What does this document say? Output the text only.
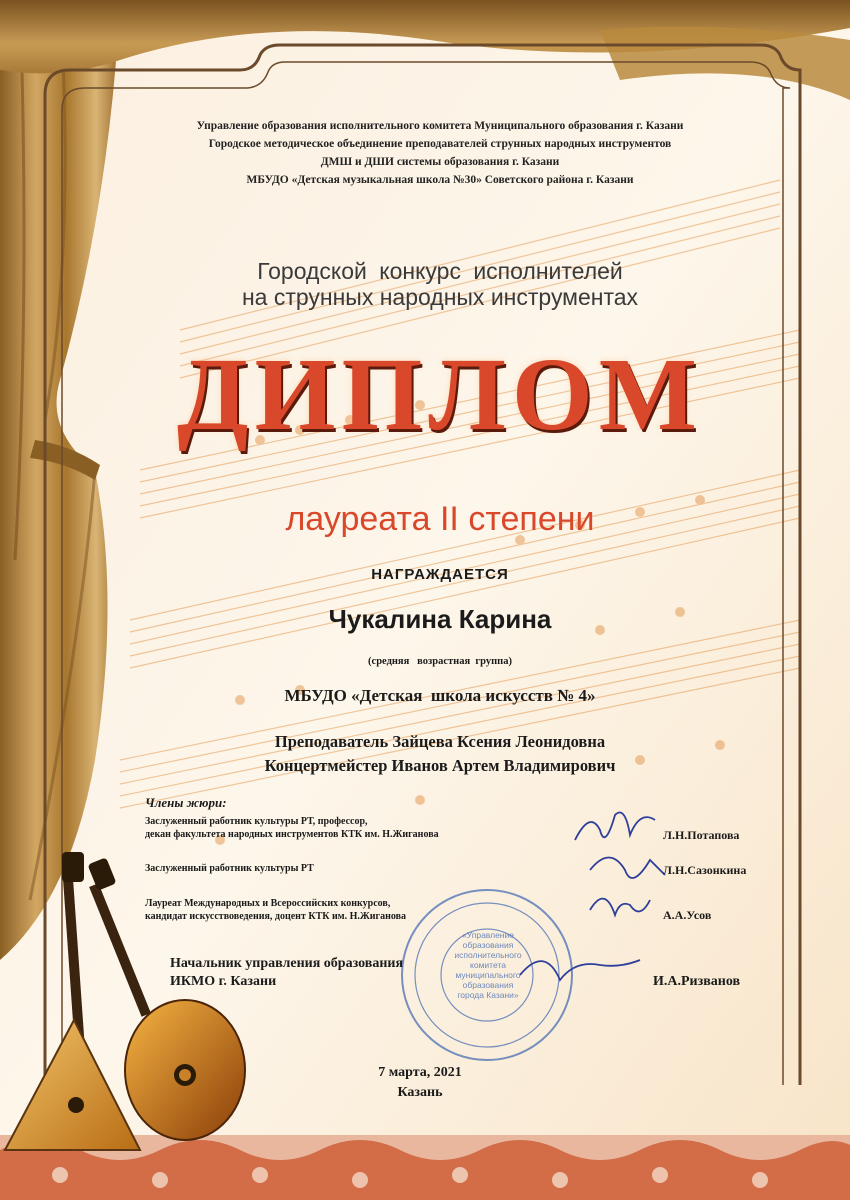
Управление образования исполнительного комитета Муниципального образования г. Казани
Городское методическое объединение преподавателей струнных народных инструментов
ДМШ и ДШИ системы образования г. Казани
МБУДО «Детская музыкальная школа №30» Советского района г. Казани
Городской конкурс исполнителей
на струнных народных инструментах
ДИПЛОМ
лауреата II степени
НАГРАЖДАЕТСЯ
Чукалина Карина
(средняя   возрастная  группа)
МБУДО «Детская  школа искусств № 4»
Преподаватель Зайцева Ксения Леонидовна
Концертмейстер Иванов Артем Владимирович
Члены жюри:
Заслуженный работник культуры РТ, профессор,
декан факультета народных инструментов КТК им. Н.Жиганова	Л.Н.Потапова
Заслуженный работник культуры РТ	Л.Н.Сазонкина
Лауреат Международных и Всероссийских конкурсов,
кандидат искусствоведения, доцент КТК им. Н.Жиганова	А.А.Усов
«Управление образования исполнительного комитета муниципального образования города Казани»
Начальник управления образования
ИКМО г. Казани	И.А.Ризванов
7 марта, 2021
Казань
